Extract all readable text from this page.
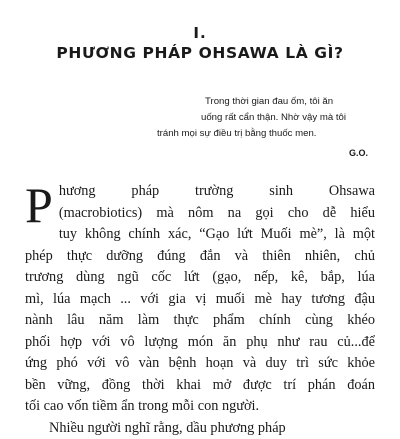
I.
PHƯƠNG PHÁP OHSAWA LÀ GÌ?
Trong thời gian đau ốm, tôi ăn
uống rất cẩn thận. Nhờ vậy mà tôi
tránh mọi sự điều trị bằng thuốc men.
G.O.
P hương pháp trường sinh Ohsawa
(macrobiotics) mà nôm na gọi cho dễ hiểu
tuy không chính xác, “Gạo lứt Muối mè”, là một
phép thực dưỡng đúng đắn và thiên nhiên, chủ
trương dùng ngũ cốc lứt (gạo, nếp, kê, bắp, lúa
mì, lúa mạch ... với gia vị muối mè hay tương đậu
nành lâu năm làm thực phẩm chính cùng khéo
phối hợp với vô lượng món ăn phụ như rau củ...để
ứng phó với vô vàn bệnh hoạn và duy trì sức khỏe
bền vững, đồng thời khai mở được trí phán đoán
tối cao vốn tiềm ẩn trong mỗi con người.
Nhiều người nghĩ rằng, dầu phương pháp
